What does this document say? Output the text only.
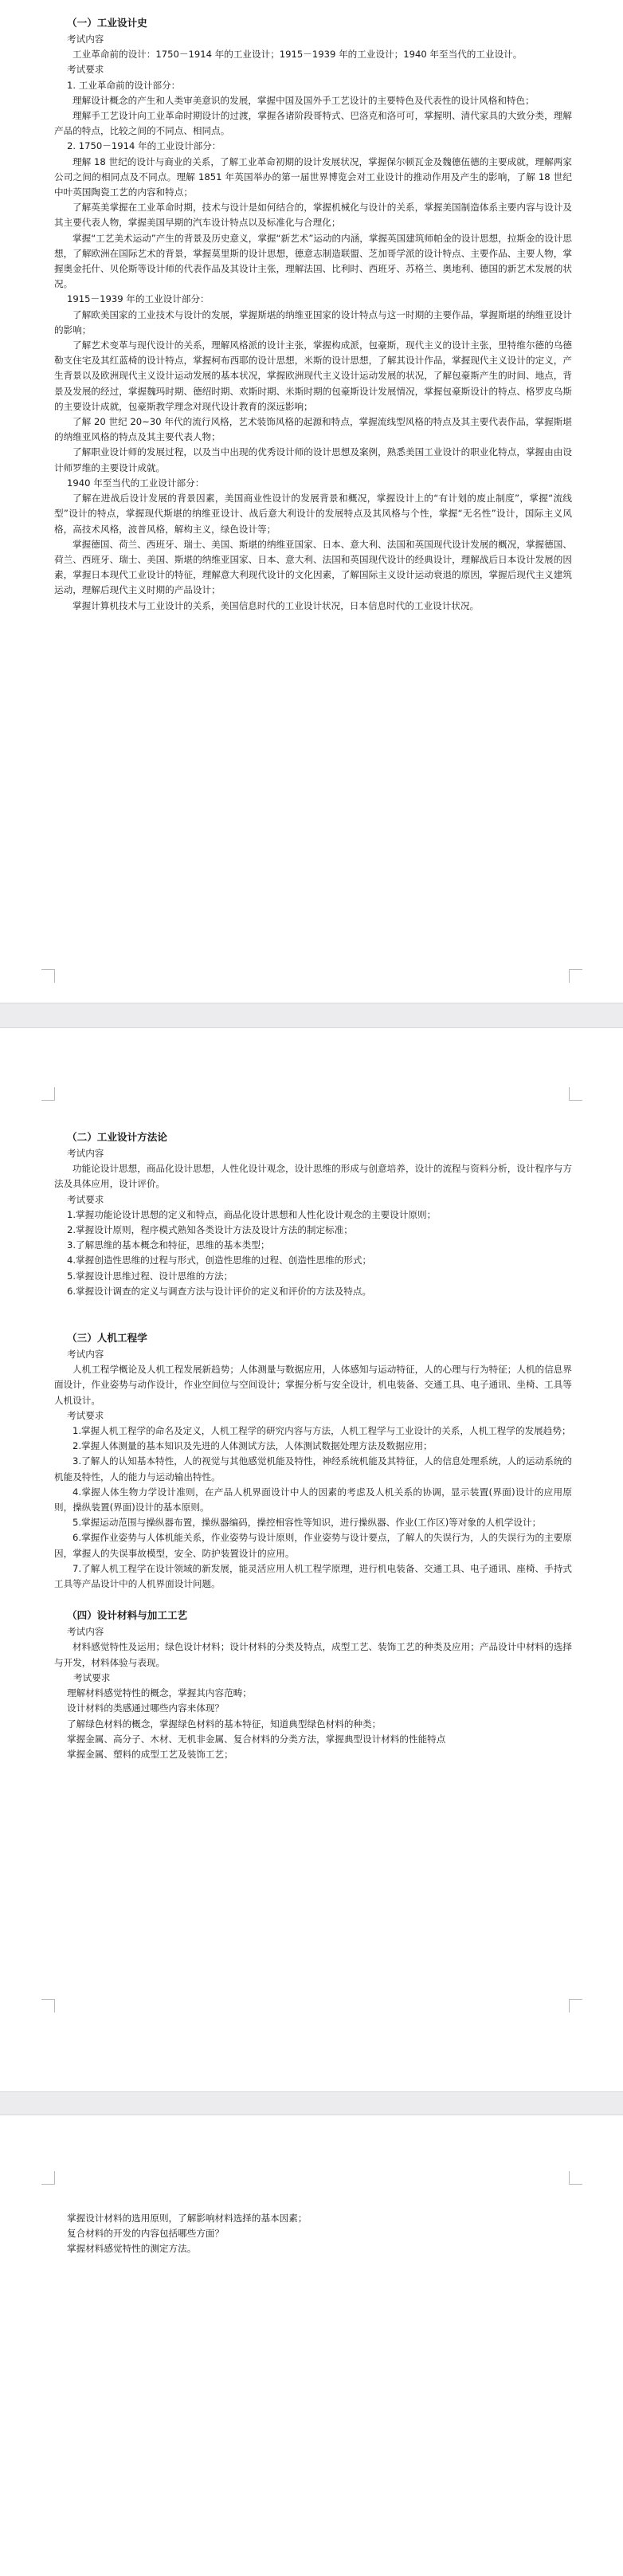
（一）工业设计史
考试内容
工业革命前的设计：1750－1914 年的工业设计；1915－1939 年的工业设计；1940 年至当代的工业设计。
考试要求
1. 工业革命前的设计部分：
理解设计概念的产生和人类审美意识的发展，掌握中国及国外手工艺设计的主要特色及代表性的设计风格和特色；
理解手工艺设计向工业革命时期设计的过渡，掌握各诸阶段哥特式、巴洛克和洛可可，掌握明、清代家具的大致分类，理解产品的特点，比较之间的不同点、相同点。
2. 1750－1914 年的工业设计部分：
理解 18 世纪的设计与商业的关系，了解工业革命初期的设计发展状况，掌握保尔顿瓦金及魏德伍德的主要成就，理解两家公司之间的相同点及不同点。理解 1851 年英国举办的第一届世界博览会对工业设计的推动作用及产生的影响，了解 18 世纪中叶英国陶瓷工艺的内容和特点；
了解英美掌握在工业革命时期，技术与设计是如何结合的，掌握机械化与设计的关系，掌握美国制造体系主要内容与设计及其主要代表人物，掌握美国早期的汽车设计特点以及标准化与合理化；
掌握“工艺美术运动”产生的背景及历史意义，掌握“新艺术”运动的内涵，掌握英国建筑师帕金的设计思想，拉斯金的设计思想，了解欧洲在国际艺术的背景，掌握莫里斯的设计思想，德意志制造联盟、芝加哥学派的设计特点、主要作品、主要人物，掌握奥金托什、贝伦斯等设计师的代表作品及其设计主张，理解法国、比利时、西班牙、苏格兰、奥地利、德国的新艺术发展的状况。
1915－1939 年的工业设计部分：
了解欧美国家的工业技术与设计的发展，掌握斯堪的纳维亚国家的设计特点与这一时期的主要作品，掌握斯堪的纳维亚设计的影响；
了解艺术变革与现代设计的关系，理解风格派的设计主张，掌握构成派，包豪斯，现代主义的设计主张，里特维尔德的乌德勒支住宅及其红蓝椅的设计特点，掌握柯布西耶的设计思想，米斯的设计思想，了解其设计作品，掌握现代主义设计的定义，产生背景以及欧洲现代主义设计运动发展的基本状况，掌握欧洲现代主义设计运动发展的状况，了解包豪斯产生的时间、地点，背景及发展的经过，掌握魏玛时期、德绍时期、欢斯时期、米斯时期的包豪斯设计发展情况，掌握包豪斯设计的特点、格罗皮乌斯的主要设计成就，包豪斯教学理念对现代设计教育的深远影响；
了解 20 世纪 20~30 年代的流行风格，艺术装饰风格的起源和特点，掌握流线型风格的特点及其主要代表作品，掌握斯堪的纳维亚风格的特点及其主要代表人物；
了解职业设计师的发展过程，以及当中出现的优秀设计师的设计思想及案例，熟悉美国工业设计的职业化特点，掌握由由设计师罗维的主要设计成就。
1940 年至当代的工业设计部分：
了解在进战后设计发展的背景因素，美国商业性设计的发展背景和概况，掌握设计上的“有计划的废止制度”，掌握“流线型”设计的特点，掌握现代斯堪的纳维亚设计、战后意大利设计的发展特点及其风格与个性，掌握“无名性”设计，国际主义风格，高技术风格，波普风格，解构主义，绿色设计等；
掌握德国、荷兰、西班牙、瑞士、美国、斯堪的纳维亚国家、日本、意大利、法国和英国现代设计发展的概况，掌握德国、荷兰、西班牙、瑞士、美国、斯堪的纳维亚国家、日本、意大利、法国和英国现代设计的经典设计，理解战后日本设计发展的因素，掌握日本现代工业设计的特征，理解意大利现代设计的文化因素，了解国际主义设计运动衰退的原因，掌握后现代主义建筑运动，理解后现代主义时期的产品设计；
掌握计算机技术与工业设计的关系，美国信息时代的工业设计状况，日本信息时代的工业设计状况。
（二）工业设计方法论
考试内容
功能论设计思想，商品化设计思想，人性化设计观念，设计思维的形成与创意培养，设计的流程与资料分析，设计程序与方法及具体应用，设计评价。
考试要求
1.掌握功能论设计思想的定义和特点，商品化设计思想和人性化设计观念的主要设计原则；
2.掌握设计原则，程序模式熟知各类设计方法及设计方法的制定标准；
3.了解思维的基本概念和特征，思维的基本类型；
4.掌握创造性思维的过程与形式，创造性思维的过程、创造性思维的形式；
5.掌握设计思维过程、设计思维的方法；
6.掌握设计调查的定义与调查方法与设计评价的定义和评价的方法及特点。
（三）人机工程学
考试内容
人机工程学概论及人机工程发展新趋势；人体测量与数据应用，人体感知与运动特征，人的心理与行为特征；人机的信息界面设计，作业姿势与动作设计，作业空间位与空间设计；掌握分析与安全设计，机电装备、交通工具、电子通讯、坐椅、工具等人机设计。
考试要求
1.掌握人机工程学的命名及定义，人机工程学的研究内容与方法，人机工程学与工业设计的关系，人机工程学的发展趋势；
2.掌握人体测量的基本知识及先进的人体测试方法，人体测试数据处理方法及数据应用；
3.了解人的认知基本特性，人的视觉与其他感觉机能及特性，神经系统机能及其特征，人的信息处理系统，人的运动系统的机能及特性，人的能力与运动输出特性。
4.掌握人体生物力学设计准则，在产品人机界面设计中人的因素的考虑及人机关系的协调，显示装置(界面)设计的应用原则，操纵装置(界面)设计的基本原则。
5.掌握运动范围与操纵器布置，操纵器编码，操控相容性等知识，进行操纵器、作业(工作区)等对象的人机学设计；
6.掌握作业姿势与人体机能关系，作业姿势与设计原则，作业姿势与设计要点，了解人的失误行为，人的失误行为的主要原因，掌握人的失误事故模型，安全、防护装置设计的应用。
7.了解人机工程学在设计领域的新发展，能灵活应用人机工程学原理，进行机电装备、交通工具、电子通讯、座椅、手持式工具等产品设计中的人机界面设计问题。
（四）设计材料与加工工艺
考试内容
材料感觉特性及运用；绿色设计材料；设计材料的分类及特点，成型工艺、装饰工艺的种类及应用；产品设计中材料的选择与开发，材料体验与表现。
考试要求
理解材料感觉特性的概念，掌握其内容范畴；
设计材料的类感通过哪些内容来体现？
了解绿色材料的概念，掌握绿色材料的基本特征，知道典型绿色材料的种类；
掌握金属、高分子、木材、无机非金属、复合材料的分类方法，掌握典型设计材料的性能特点
掌握金属、塑料的成型工艺及装饰工艺；
掌握设计材料的选用原则，了解影响材料选择的基本因素；
复合材料的开发的内容包括哪些方面？
掌握材料感觉特性的测定方法。
